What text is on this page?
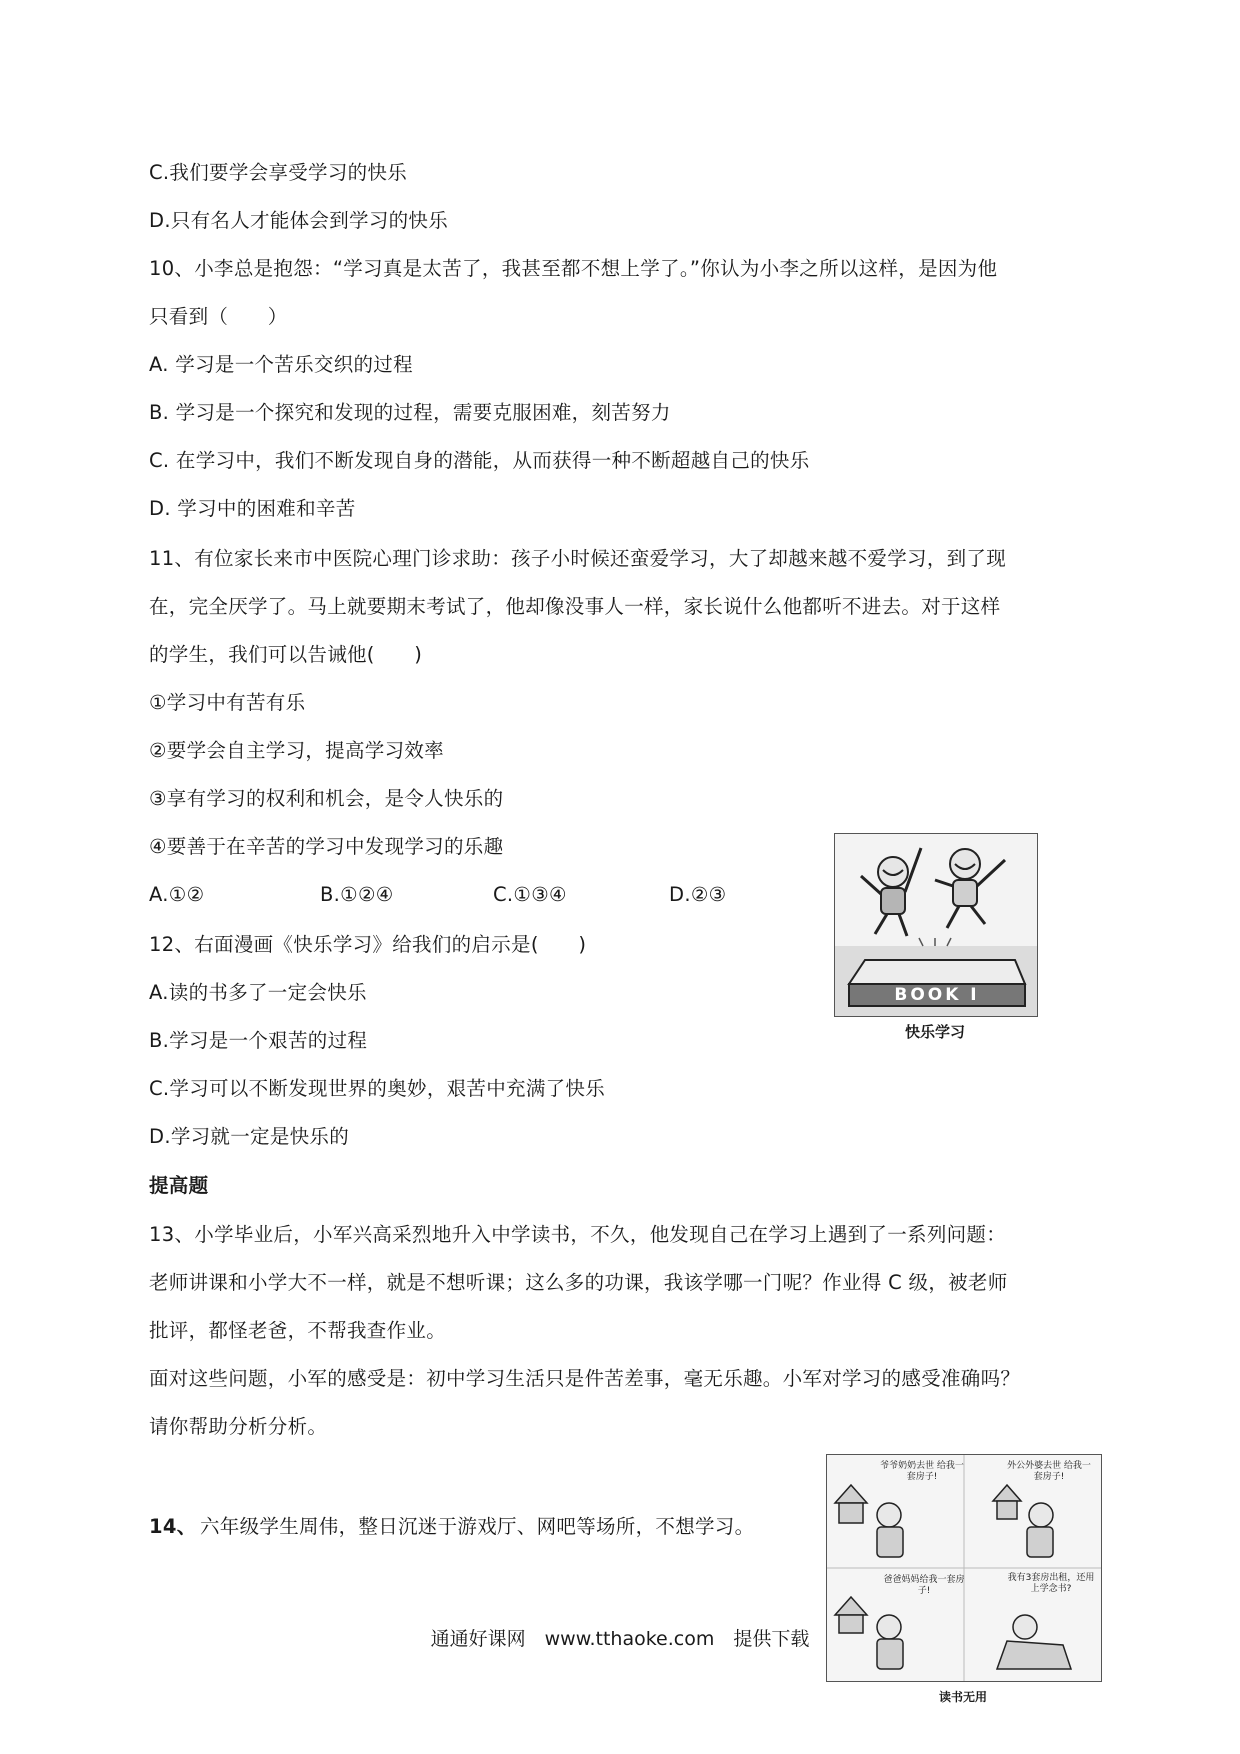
C.我们要学会享受学习的快乐
D.只有名人才能体会到学习的快乐
10、小李总是抱怨：“学习真是太苦了，我甚至都不想上学了。”你认为小李之所以这样，是因为他
只看到（　　）
A. 学习是一个苦乐交织的过程
B. 学习是一个探究和发现的过程，需要克服困难，刻苦努力
C. 在学习中，我们不断发现自身的潜能，从而获得一种不断超越自己的快乐
D. 学习中的困难和辛苦
11、有位家长来市中医院心理门诊求助：孩子小时候还蛮爱学习，大了却越来越不爱学习，到了现
在，完全厌学了。马上就要期末考试了，他却像没事人一样，家长说什么他都听不进去。对于这样
的学生，我们可以告诫他(　　)
①学习中有苦有乐
②要学会自主学习，提高学习效率
③享有学习的权利和机会，是令人快乐的
④要善于在辛苦的学习中发现学习的乐趣
A.①②	B.①②④	C.①③④	D.②③
12、右面漫画《快乐学习》给我们的启示是(　　)
A.读的书多了一定会快乐
B.学习是一个艰苦的过程
C.学习可以不断发现世界的奥妙，艰苦中充满了快乐
D.学习就一定是快乐的
BOOK I
快乐学习
提高题
13、小学毕业后，小军兴高采烈地升入中学读书，不久，他发现自己在学习上遇到了一系列问题：
老师讲课和小学大不一样，就是不想听课；这么多的功课，我该学哪一门呢？作业得 C 级，被老师
批评，都怪老爸，不帮我查作业。
面对这些问题，小军的感受是：初中学习生活只是件苦差事，毫无乐趣。小军对学习的感受准确吗？
请你帮助分析分析。
14、 六年级学生周伟，整日沉迷于游戏厅、网吧等场所，不想学习。
爷爷奶奶去世 给我一套房子!
外公外婆去世 给我一套房子!
爸爸妈妈给我一套房子!
我有3套房出租，还用上学念书?
读书无用
通通好课网　www.tthaoke.com　提供下载
